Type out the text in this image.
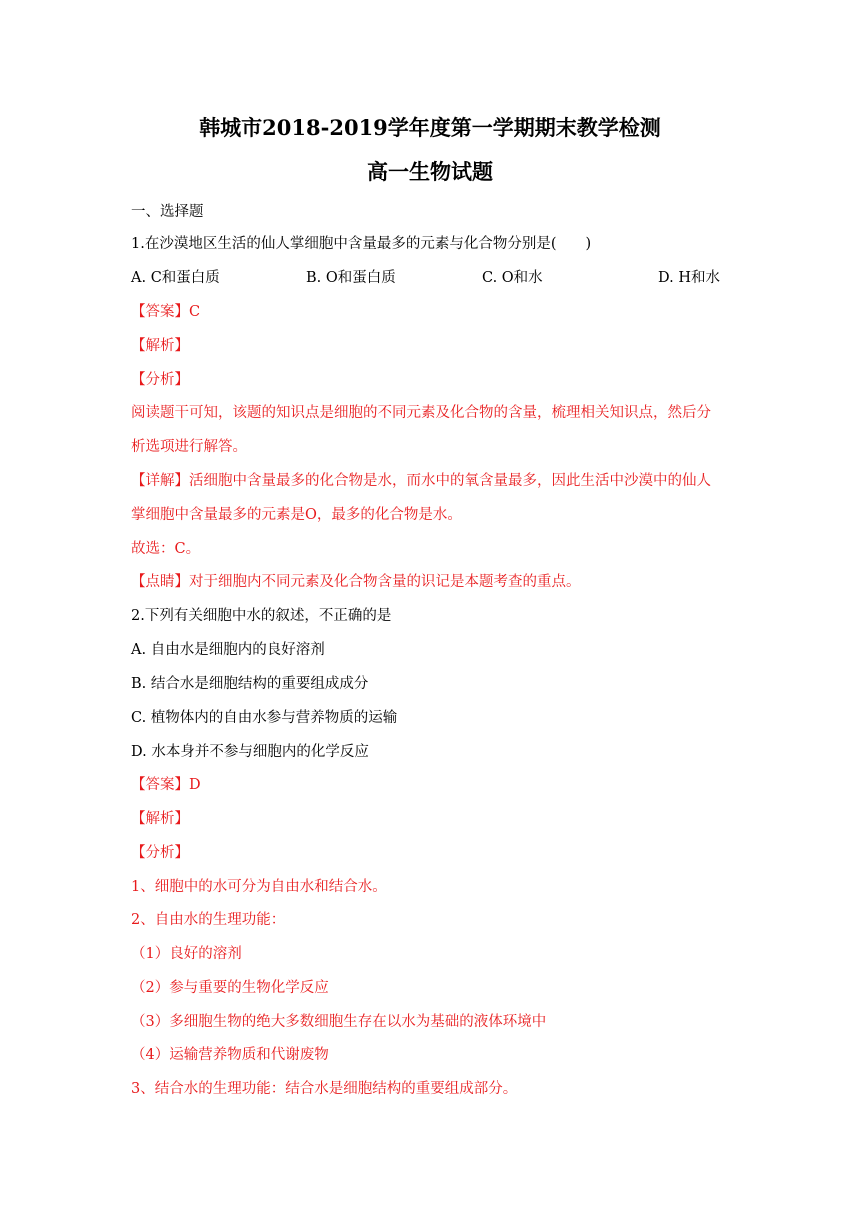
韩城市2018-2019学年度第一学期期末教学检测
高一生物试题
一、选择题
1.在沙漠地区生活的仙人掌细胞中含量最多的元素与化合物分别是(　　)
A. C和蛋白质	B. O和蛋白质	C. O和水	D. H和水
【答案】C
【解析】
【分析】
阅读题干可知，该题的知识点是细胞的不同元素及化合物的含量，梳理相关知识点，然后分
析选项进行解答。
【详解】活细胞中含量最多的化合物是水，而水中的氧含量最多，因此生活中沙漠中的仙人
掌细胞中含量最多的元素是O，最多的化合物是水。
故选：C。
【点睛】对于细胞内不同元素及化合物含量的识记是本题考查的重点。
2.下列有关细胞中水的叙述，不正确的是
A. 自由水是细胞内的良好溶剂
B. 结合水是细胞结构的重要组成成分
C. 植物体内的自由水参与营养物质的运输
D. 水本身并不参与细胞内的化学反应
【答案】D
【解析】
【分析】
1、细胞中的水可分为自由水和结合水。
2、自由水的生理功能：
（1）良好的溶剂
（2）参与重要的生物化学反应
（3）多细胞生物的绝大多数细胞生存在以水为基础的液体环境中
（4）运输营养物质和代谢废物
3、结合水的生理功能：结合水是细胞结构的重要组成部分。
